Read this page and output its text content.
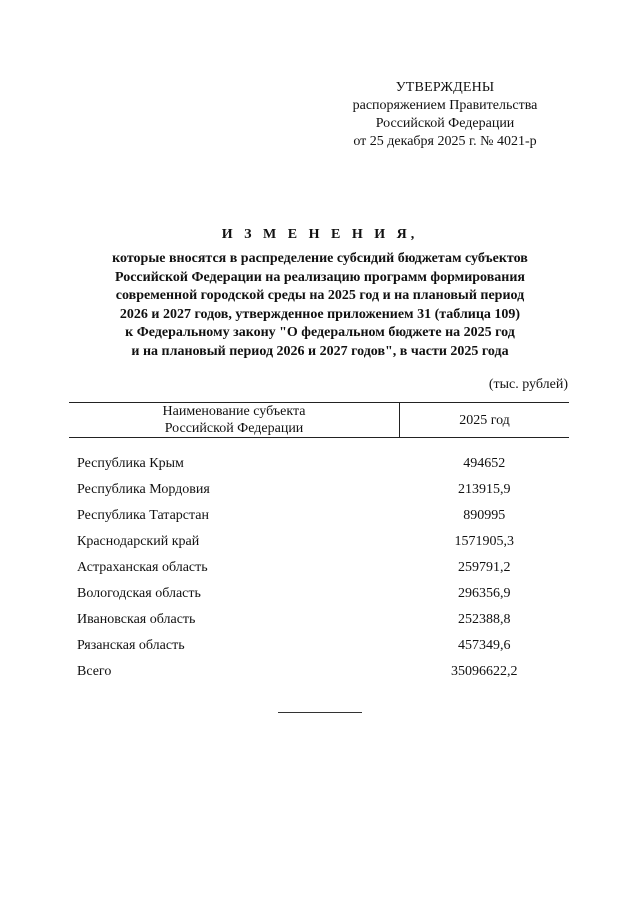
УТВЕРЖДЕНЫ
распоряжением Правительства
Российской Федерации
от 25 декабря 2025 г. № 4021-р
И З М Е Н Е Н И Я,
которые вносятся в распределение субсидий бюджетам субъектов
Российской Федерации на реализацию программ формирования
современной городской среды на 2025 год и на плановый период
2026 и 2027 годов, утвержденное приложением 31 (таблица 109)
к Федеральному закону "О федеральном бюджете на 2025 год
и на плановый период 2026 и 2027 годов", в части 2025 года
(тыс. рублей)
Наименование субъекта
Российской Федерации	2025 год

Республика Крым	494652
Республика Мордовия	213915,9
Республика Татарстан	890995
Краснодарский край	1571905,3
Астраханская область	259791,2
Вологодская область	296356,9
Ивановская область	252388,8
Рязанская область	457349,6
Всего	35096622,2
